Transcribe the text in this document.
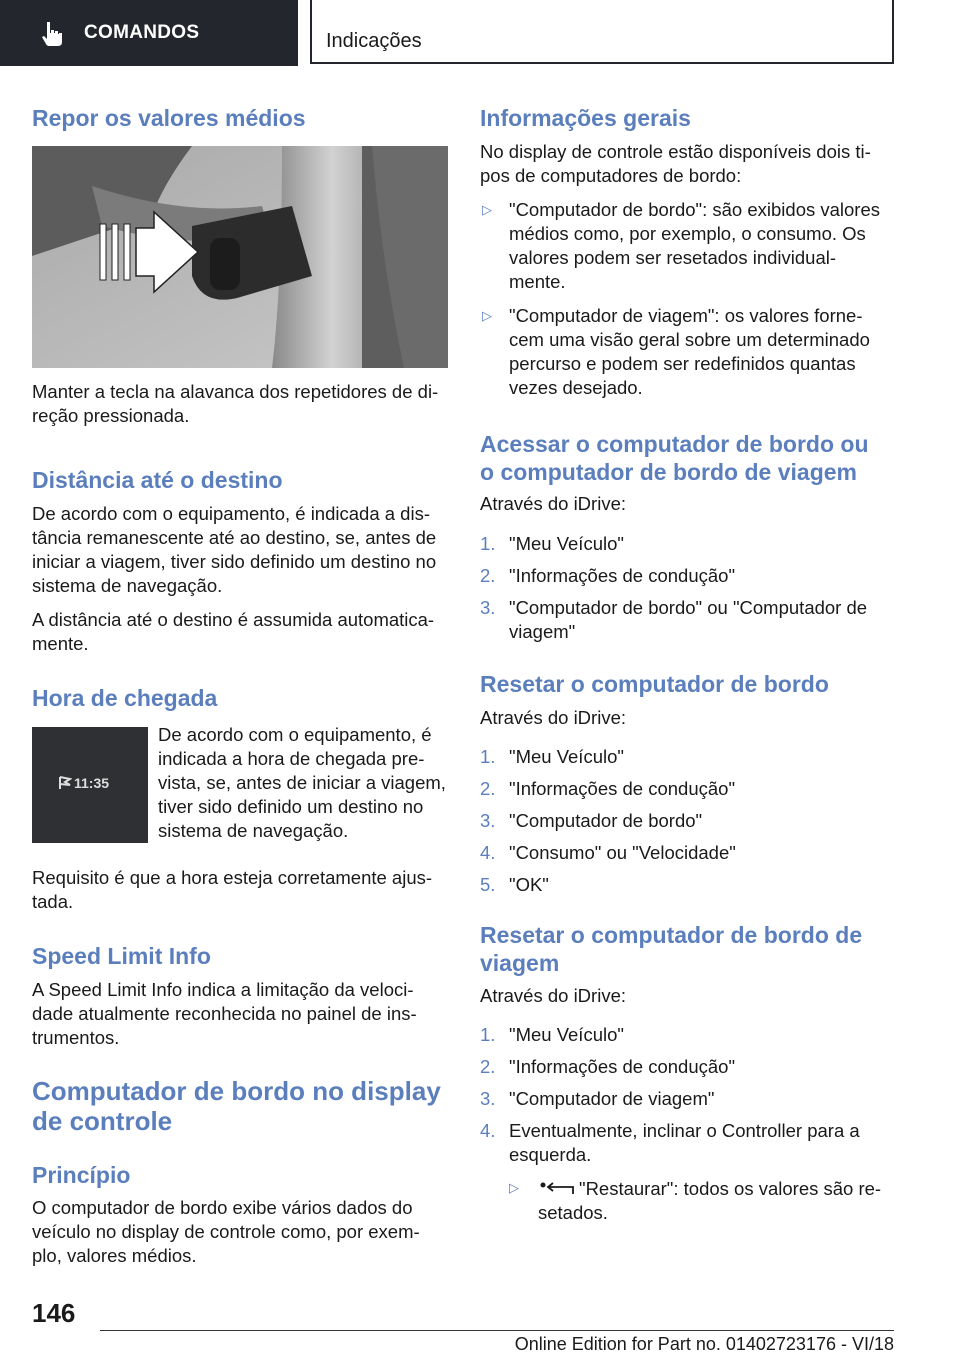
COMANDOS	Indicações
Repor os valores médios

Manter a tecla na alavanca dos repetidores de di-

reção pressionada.

Distância até o destino

De acordo com o equipamento, é indicada a dis-

tância remanescente até ao destino, se, antes de

iniciar a viagem, tiver sido definido um destino no

sistema de navegação.

A distância até o destino é assumida automatica-

mente.

Hora de chegada
11:35

De acordo com o equipamento, é

indicada a hora de chegada pre-

vista, se, antes de iniciar a viagem,

tiver sido definido um destino no

sistema de navegação.

Requisito é que a hora esteja corretamente ajus-

tada.

Speed Limit Info

A Speed Limit Info indica a limitação da veloci-

dade atualmente reconhecida no painel de ins-

trumentos.

Computador de bordo no display
de controle
Princípio

O computador de bordo exibe vários dados do

veículo no display de controle como, por exem-

plo, valores médios.

Informações gerais

No display de controle estão disponíveis dois ti-

pos de computadores de bordo:

▷ "Computador de bordo": são exibidos valores
médios como, por exemplo, o consumo. Os
valores podem ser resetados individual-
mente.
▷ "Computador de viagem": os valores forne-
cem uma visão geral sobre um determinado
percurso e podem ser redefinidos quantas
vezes desejado.
Acessar o computador de bordo ou
o computador de bordo de viagem

Através do iDrive:

1. "Meu Veículo"
2. "Informações de condução"
3. "Computador de bordo" ou "Computador de
viagem"
Resetar o computador de bordo

Através do iDrive:

1. "Meu Veículo"
2. "Informações de condução"
3. "Computador de bordo"
4. "Consumo" ou "Velocidade"
5. "OK"
Resetar o computador de bordo de
viagem

Através do iDrive:

1. "Meu Veículo"
2. "Informações de condução"
3. "Computador de viagem"
4. Eventualmente, inclinar o Controller para a
esquerda.
▷	"Restaurar": todos os valores são re-
setados.
146
Online Edition for Part no. 01402723176 - VI/18
